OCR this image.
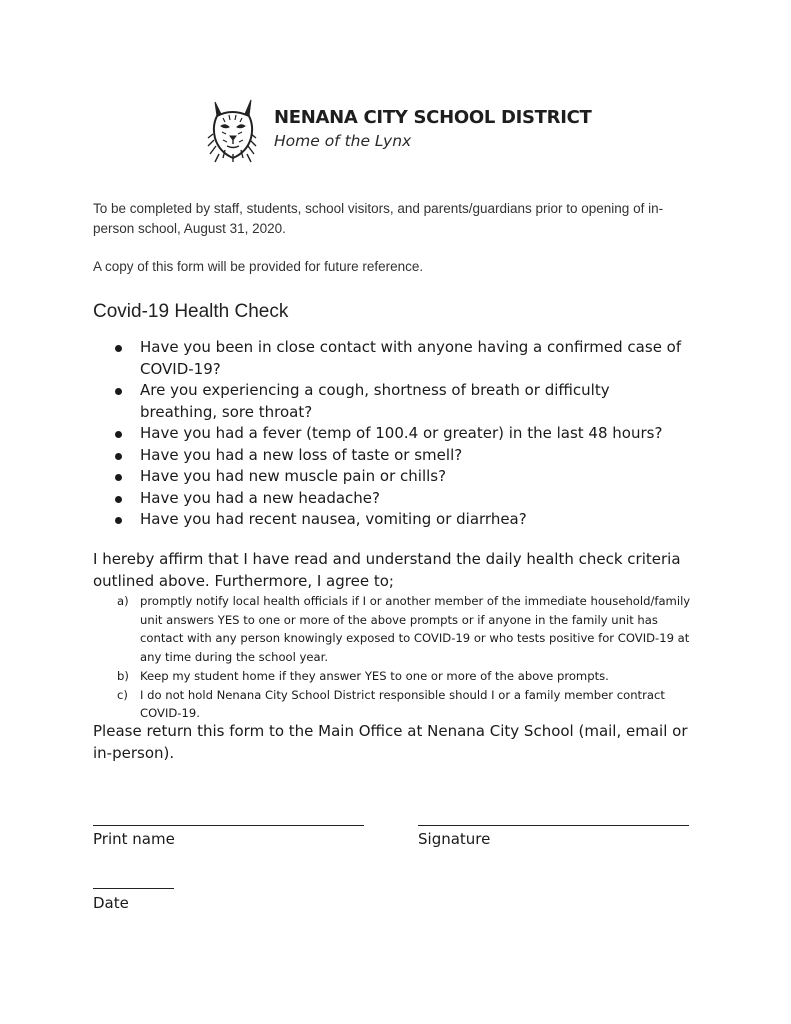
NENANA CITY SCHOOL DISTRICT
Home of the Lynx
To be completed by staff, students, school visitors, and parents/guardians prior to opening of in-person school, August 31, 2020.
A copy of this form will be provided for future reference.
Covid-19 Health Check
Have you been in close contact with anyone having a confirmed case of COVID-19?
Are you experiencing a cough, shortness of breath or difficulty breathing, sore throat?
Have you had a fever (temp of 100.4 or greater) in the last 48 hours?
Have you had a new loss of taste or smell?
Have you had new muscle pain or chills?
Have you had a new headache?
Have you had recent nausea, vomiting or diarrhea?
I hereby affirm that I have read and understand the daily health check criteria outlined above. Furthermore, I agree to;
a) promptly notify local health officials if I or another member of the immediate household/family unit answers YES to one or more of the above prompts or if anyone in the family unit has contact with any person knowingly exposed to COVID-19 or who tests positive for COVID-19 at any time during the school year.
b) Keep my student home if they answer YES to one or more of the above prompts.
c) I do not hold Nenana City School District responsible should I or a family member contract COVID-19.
Please return this form to the Main Office at Nenana City School (mail, email or in-person).
Print name	Signature
Date
